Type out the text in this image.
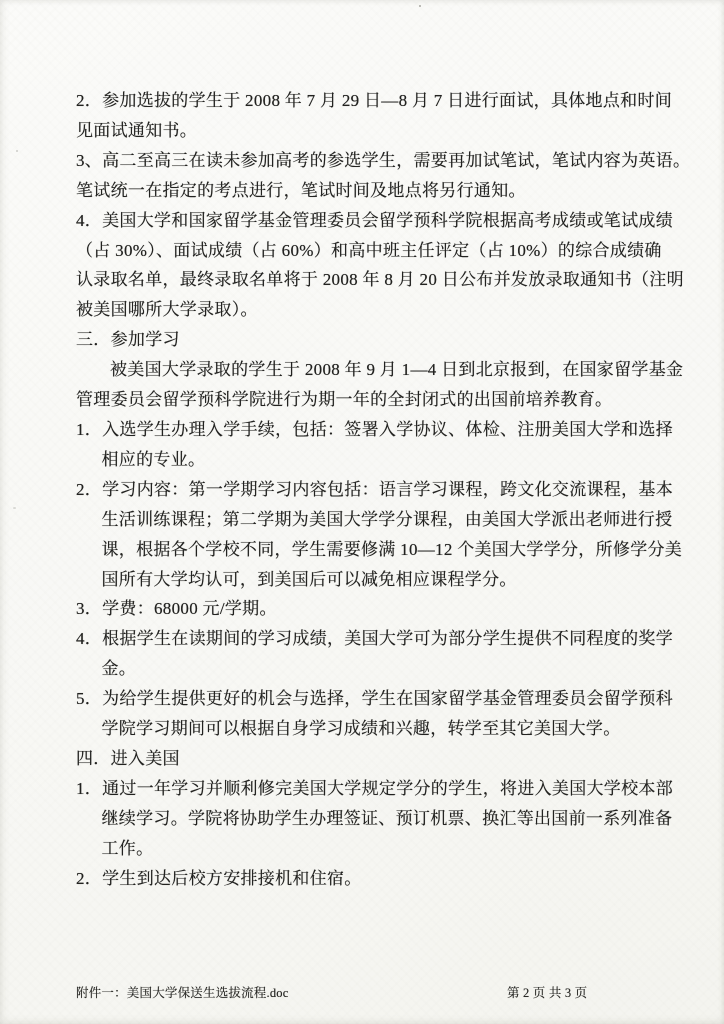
2．参加选拔的学生于 2008 年 7 月 29 日—8 月 7 日进行面试，具体地点和时间
见面试通知书。
3、高二至高三在读未参加高考的参选学生，需要再加试笔试，笔试内容为英语。
笔试统一在指定的考点进行，笔试时间及地点将另行通知。
4．美国大学和国家留学基金管理委员会留学预科学院根据高考成绩或笔试成绩
（占 30%）、面试成绩（占 60%）和高中班主任评定（占 10%）的综合成绩确
认录取名单，最终录取名单将于 2008 年 8 月 20 日公布并发放录取通知书（注明
被美国哪所大学录取）。
三．参加学习
被美国大学录取的学生于 2008 年 9 月 1—4 日到北京报到，在国家留学基金
管理委员会留学预科学院进行为期一年的全封闭式的出国前培养教育。
1．入选学生办理入学手续，包括：签署入学协议、体检、注册美国大学和选择
相应的专业。
2．学习内容：第一学期学习内容包括：语言学习课程，跨文化交流课程，基本
生活训练课程；第二学期为美国大学学分课程，由美国大学派出老师进行授
课，根据各个学校不同，学生需要修满 10—12 个美国大学学分，所修学分美
国所有大学均认可，到美国后可以减免相应课程学分。
3．学费：68000 元/学期。
4．根据学生在读期间的学习成绩，美国大学可为部分学生提供不同程度的奖学
金。
5．为给学生提供更好的机会与选择，学生在国家留学基金管理委员会留学预科
学院学习期间可以根据自身学习成绩和兴趣，转学至其它美国大学。
四．进入美国
1．通过一年学习并顺利修完美国大学规定学分的学生，将进入美国大学校本部
继续学习。学院将协助学生办理签证、预订机票、换汇等出国前一系列准备
工作。
2．学生到达后校方安排接机和住宿。
附件一：美国大学保送生选拔流程.doc	第 2 页 共 3 页
